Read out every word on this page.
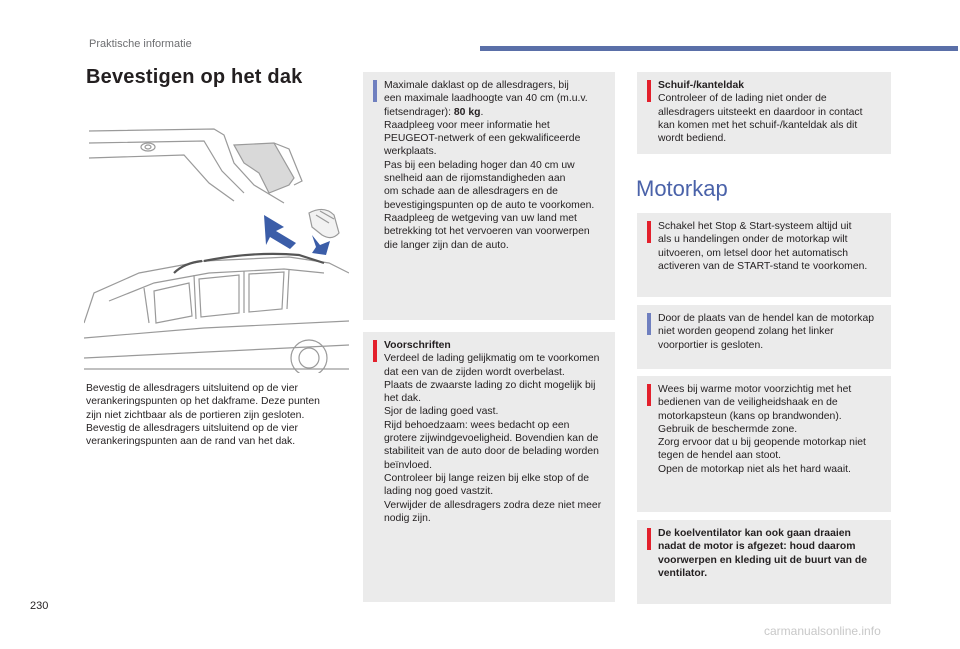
Praktische informatie
Bevestigen op het dak

Bevestig de allesdragers uitsluitend op de vier
verankeringspunten op het dakframe. Deze punten
zijn niet zichtbaar als de portieren zijn gesloten.
Bevestig de allesdragers uitsluitend op de vier
verankeringspunten aan de rand van het dak.

Maximale daklast op de allesdragers, bij
een maximale laadhoogte van 40 cm (m.u.v.
fietsendrager): 80 kg.
Raadpleeg voor meer informatie het
PEUGEOT-netwerk of een gekwalificeerde
werkplaats.
Pas bij een belading hoger dan 40 cm uw
snelheid aan de rijomstandigheden aan
om schade aan de allesdragers en de
bevestigingspunten op de auto te voorkomen.
Raadpleeg de wetgeving van uw land met
betrekking tot het vervoeren van voorwerpen
die langer zijn dan de auto.

Voorschriften
Verdeel de lading gelijkmatig om te voorkomen
dat een van de zijden wordt overbelast.
Plaats de zwaarste lading zo dicht mogelijk bij
het dak.
Sjor de lading goed vast.
Rijd behoedzaam: wees bedacht op een
grotere zijwindgevoeligheid. Bovendien kan de
stabiliteit van de auto door de belading worden
beïnvloed.
Controleer bij lange reizen bij elke stop of de
lading nog goed vastzit.
Verwijder de allesdragers zodra deze niet meer
nodig zijn.

Schuif-/kanteldak
Controleer of de lading niet onder de
allesdragers uitsteekt en daardoor in contact
kan komen met het schuif-/kanteldak als dit
wordt bediend.

Motorkap

Schakel het Stop & Start-systeem altijd uit
als u handelingen onder de motorkap wilt
uitvoeren, om letsel door het automatisch
activeren van de START-stand te voorkomen.

Door de plaats van de hendel kan de motorkap
niet worden geopend zolang het linker
voorportier is gesloten.

Wees bij warme motor voorzichtig met het
bedienen van de veiligheidshaak en de
motorkapsteun (kans op brandwonden).
Gebruik de beschermde zone.
Zorg ervoor dat u bij geopende motorkap niet
tegen de hendel aan stoot.
Open de motorkap niet als het hard waait.

De koelventilator kan ook gaan draaien
nadat de motor is afgezet: houd daarom
voorwerpen en kleding uit de buurt van de
ventilator.

230
carmanualsonline.info
